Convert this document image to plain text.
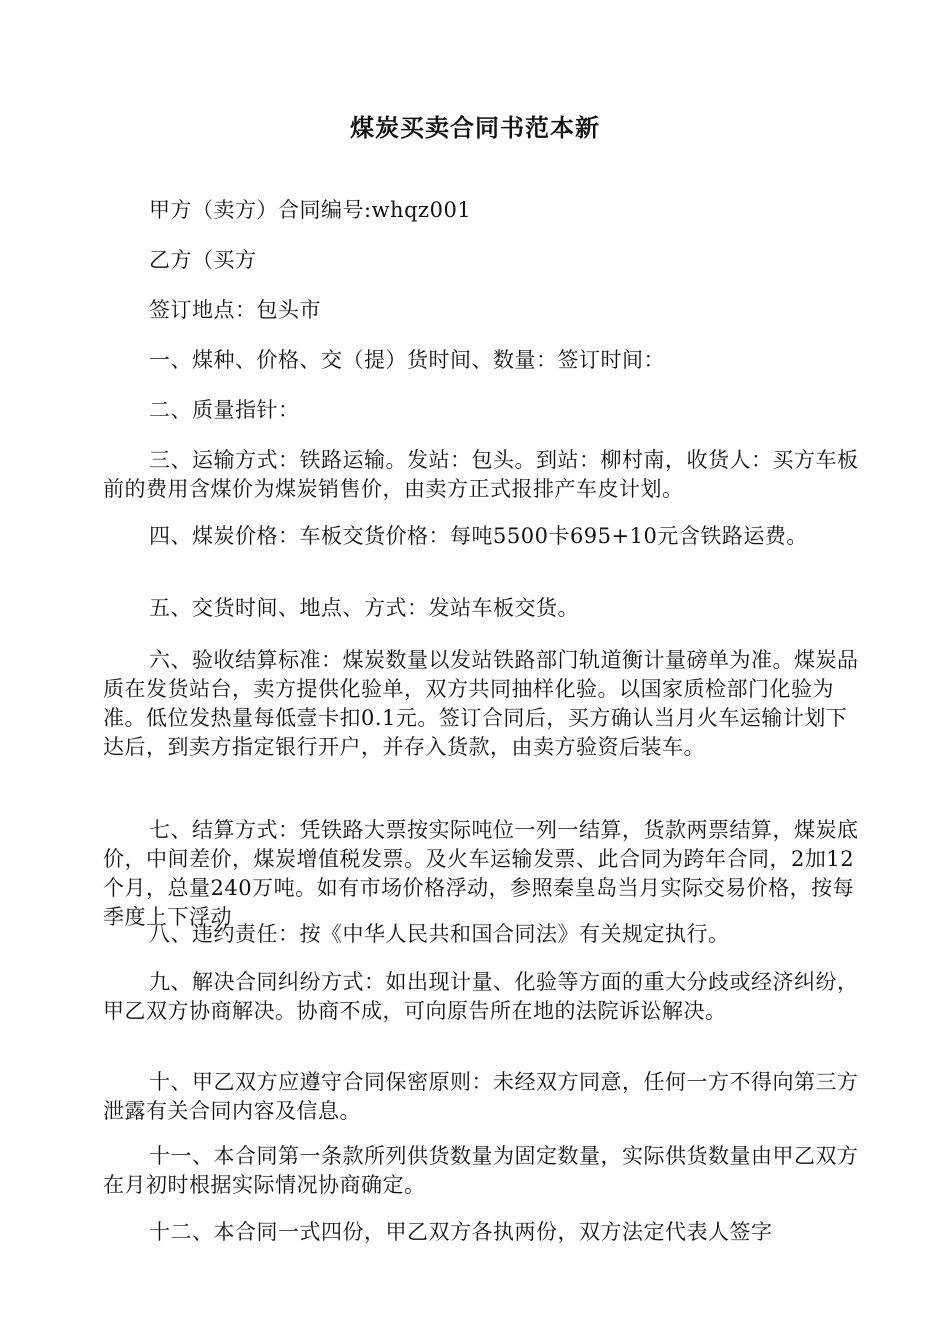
煤炭买卖合同书范本新
甲方（卖方）合同编号:whqz001
乙方（买方
签订地点：包头市
一、煤种、价格、交（提）货时间、数量：签订时间：
二、质量指针：
三、运输方式：铁路运输。发站：包头。到站：柳村南，收货人：买方车板前的费用含煤价为煤炭销售价，由卖方正式报排产车皮计划。
四、煤炭价格：车板交货价格：每吨5500卡695+10元含铁路运费。
五、交货时间、地点、方式：发站车板交货。
六、验收结算标准：煤炭数量以发站铁路部门轨道衡计量磅单为准。煤炭品质在发货站台，卖方提供化验单，双方共同抽样化验。以国家质检部门化验为准。低位发热量每低壹卡扣0.1元。签订合同后，买方确认当月火车运输计划下达后，到卖方指定银行开户，并存入货款，由卖方验资后装车。
七、结算方式：凭铁路大票按实际吨位一列一结算，货款两票结算，煤炭底价，中间差价，煤炭增值税发票。及火车运输发票、此合同为跨年合同，2加12个月，总量240万吨。如有市场价格浮动，参照秦皇岛当月实际交易价格，按每季度上下浮动
八、违约责任：按《中华人民共和国合同法》有关规定执行。
九、解决合同纠纷方式：如出现计量、化验等方面的重大分歧或经济纠纷，甲乙双方协商解决。协商不成，可向原告所在地的法院诉讼解决。
十、甲乙双方应遵守合同保密原则：未经双方同意，任何一方不得向第三方泄露有关合同内容及信息。
十一、本合同第一条款所列供货数量为固定数量，实际供货数量由甲乙双方在月初时根据实际情况协商确定。
十二、本合同一式四份，甲乙双方各执两份，双方法定代表人签字
